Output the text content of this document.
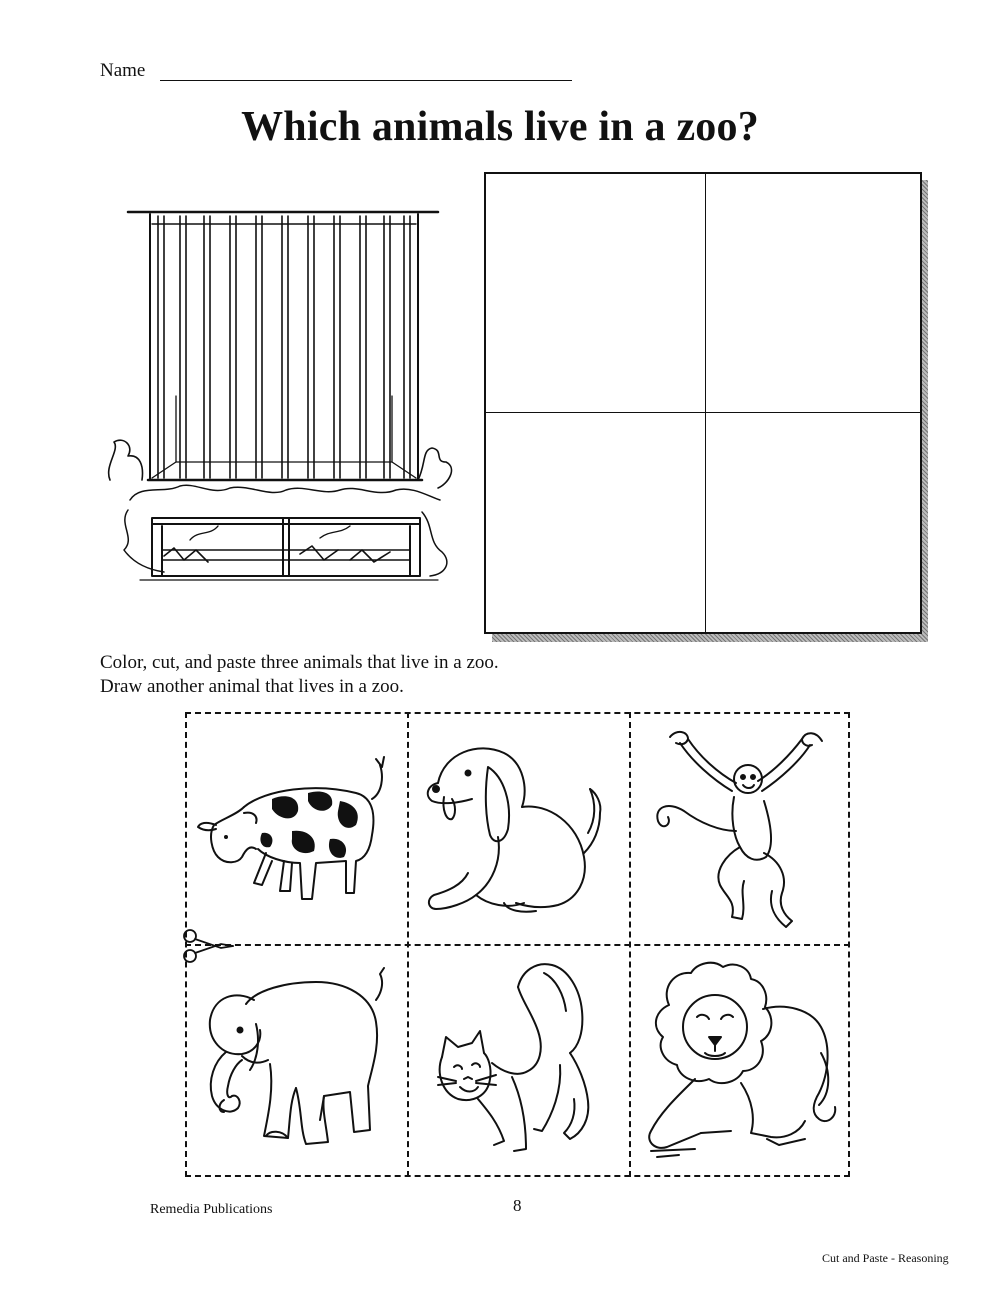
Name
Which animals live in a zoo?
Color, cut, and paste three animals that live in a zoo.
Draw another animal that lives in a zoo.
Remedia Publications	8
Cut and Paste - Reasoning
